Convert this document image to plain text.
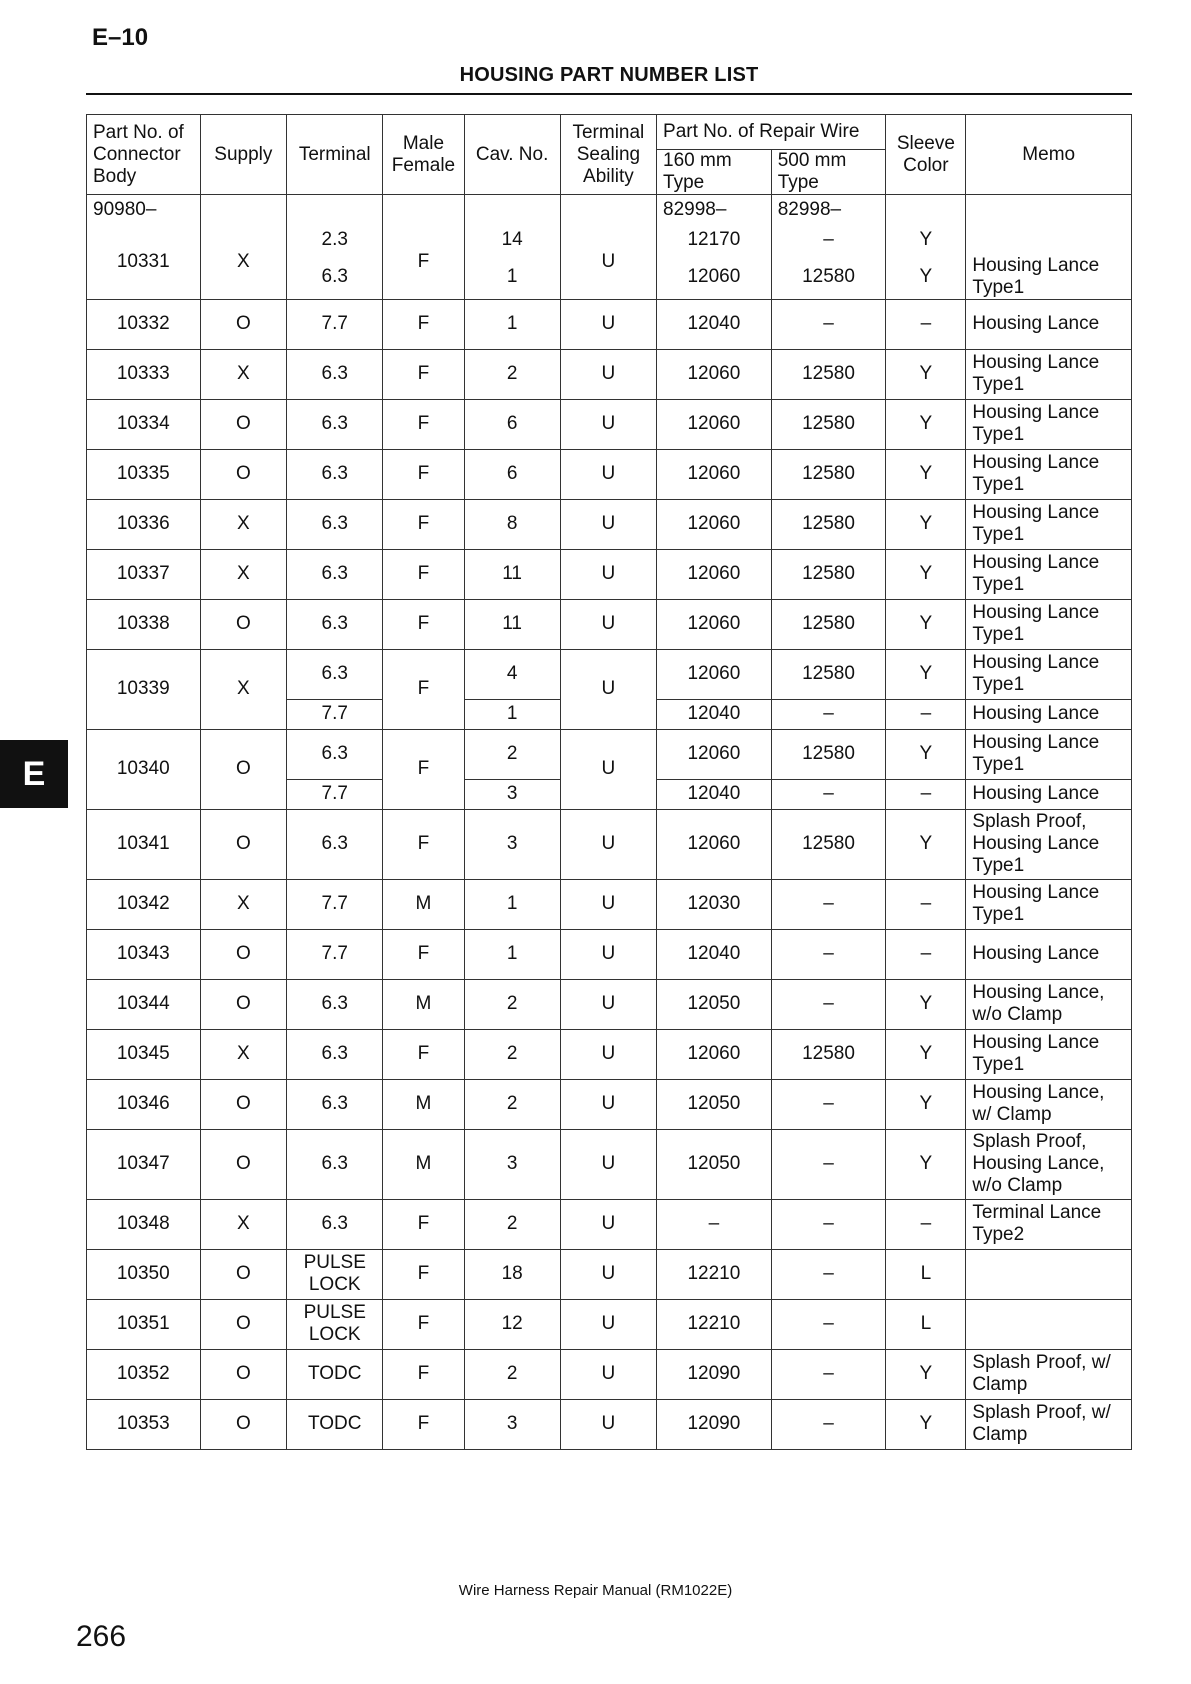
E–10
HOUSING PART NUMBER LIST
E
Part No. of Connector Body	Supply	Terminal	Male Female	Cav. No.	Terminal Sealing Ability	Part No. of Repair Wire		Sleeve Color	Memo
						160 mm Type	500 mm Type		
90980–						82998–	82998–		
10331	X	2.3	F	14	U	12170	–	Y	
		6.3		1		12060	12580	Y	Housing Lance Type1
10332	O	7.7	F	1	U	12040	–	–	Housing Lance
10333	X	6.3	F	2	U	12060	12580	Y	Housing Lance Type1
10334	O	6.3	F	6	U	12060	12580	Y	Housing Lance Type1
10335	O	6.3	F	6	U	12060	12580	Y	Housing Lance Type1
10336	X	6.3	F	8	U	12060	12580	Y	Housing Lance Type1
10337	X	6.3	F	11	U	12060	12580	Y	Housing Lance Type1
10338	O	6.3	F	11	U	12060	12580	Y	Housing Lance Type1
10339	X	6.3	F	4	U	12060	12580	Y	Housing Lance Type1
		7.7		1		12040	–	–	Housing Lance
10340	O	6.3	F	2	U	12060	12580	Y	Housing Lance Type1
		7.7		3		12040	–	–	Housing Lance
10341	O	6.3	F	3	U	12060	12580	Y	Splash Proof, Housing Lance Type1
10342	X	7.7	M	1	U	12030	–	–	Housing Lance Type1
10343	O	7.7	F	1	U	12040	–	–	Housing Lance
10344	O	6.3	M	2	U	12050	–	Y	Housing Lance, w/o Clamp
10345	X	6.3	F	2	U	12060	12580	Y	Housing Lance Type1
10346	O	6.3	M	2	U	12050	–	Y	Housing Lance, w/ Clamp
10347	O	6.3	M	3	U	12050	–	Y	Splash Proof, Housing Lance, w/o Clamp
10348	X	6.3	F	2	U	–	–	–	Terminal Lance Type2
10350	O	PULSE LOCK	F	18	U	12210	–	L	
10351	O	PULSE LOCK	F	12	U	12210	–	L	
10352	O	TODC	F	2	U	12090	–	Y	Splash Proof, w/ Clamp
10353	O	TODC	F	3	U	12090	–	Y	Splash Proof, w/ Clamp
Wire Harness Repair Manual (RM1022E)
266
